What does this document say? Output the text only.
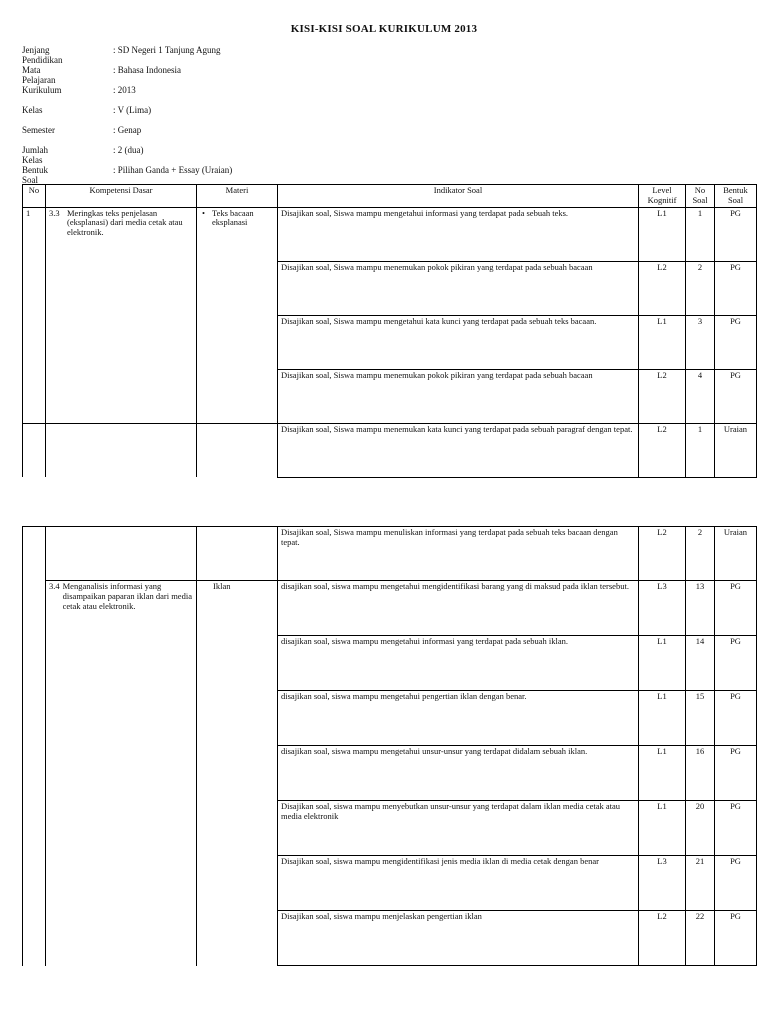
KISI-KISI SOAL KURIKULUM 2013
Jenjang Pendidikan
: SD Negeri 1 Tanjung Agung
Mata Pelajaran
: Bahasa Indonesia
Kurikulum	: 2013
Kelas	: V (Lima)
Semester	: Genap
Jumlah Kelas
: 2 (dua)
Bentuk Soal
: Pilihan Ganda + Essay (Uraian)
No	Kompetensi Dasar	Materi	Indikator Soal	Level Kognitif	No Soal	Bentuk Soal
1	3.3 Meringkas teks penjelasan (eksplanasi) dari media cetak atau elektronik.	• Teks bacaan eksplanasi	Disajikan soal, Siswa mampu mengetahui informasi yang terdapat pada sebuah teks.	L1	1	PG
			Disajikan soal, Siswa mampu menemukan pokok pikiran yang terdapat pada sebuah bacaan	L2	2	PG
			Disajikan soal, Siswa mampu mengetahui kata kunci yang terdapat pada sebuah teks bacaan.	L1	3	PG
			Disajikan soal, Siswa mampu menemukan pokok pikiran yang terdapat pada sebuah bacaan	L2	4	PG
			Disajikan soal, Siswa mampu menemukan kata kunci yang terdapat pada sebuah paragraf dengan tepat.	L2	1	Uraian
			Disajikan soal, Siswa mampu menuliskan informasi yang terdapat pada sebuah teks bacaan dengan tepat.	L2	2	Uraian

	3.4 Menganalisis informasi yang disampaikan paparan iklan dari media cetak atau elektronik.	Iklan	disajikan soal, siswa mampu mengetahui mengidentifikasi barang yang di maksud pada iklan tersebut.	L3	13	PG
			disajikan soal, siswa mampu mengetahui informasi yang terdapat pada sebuah iklan.	L1	14	PG
			disajikan soal, siswa mampu mengetahui pengertian iklan dengan benar.	L1	15	PG
			disajikan soal, siswa mampu mengetahui unsur-unsur yang terdapat didalam sebuah iklan.	L1	16	PG
			Disajikan soal, siswa mampu menyebutkan unsur-unsur yang terdapat dalam iklan media cetak atau media elektronik	L1	20	PG
			Disajikan soal, siswa mampu mengidentifikasi jenis media iklan di media cetak dengan benar	L3	21	PG
			Disajikan soal, siswa mampu menjelaskan pengertian iklan	L2	22	PG
